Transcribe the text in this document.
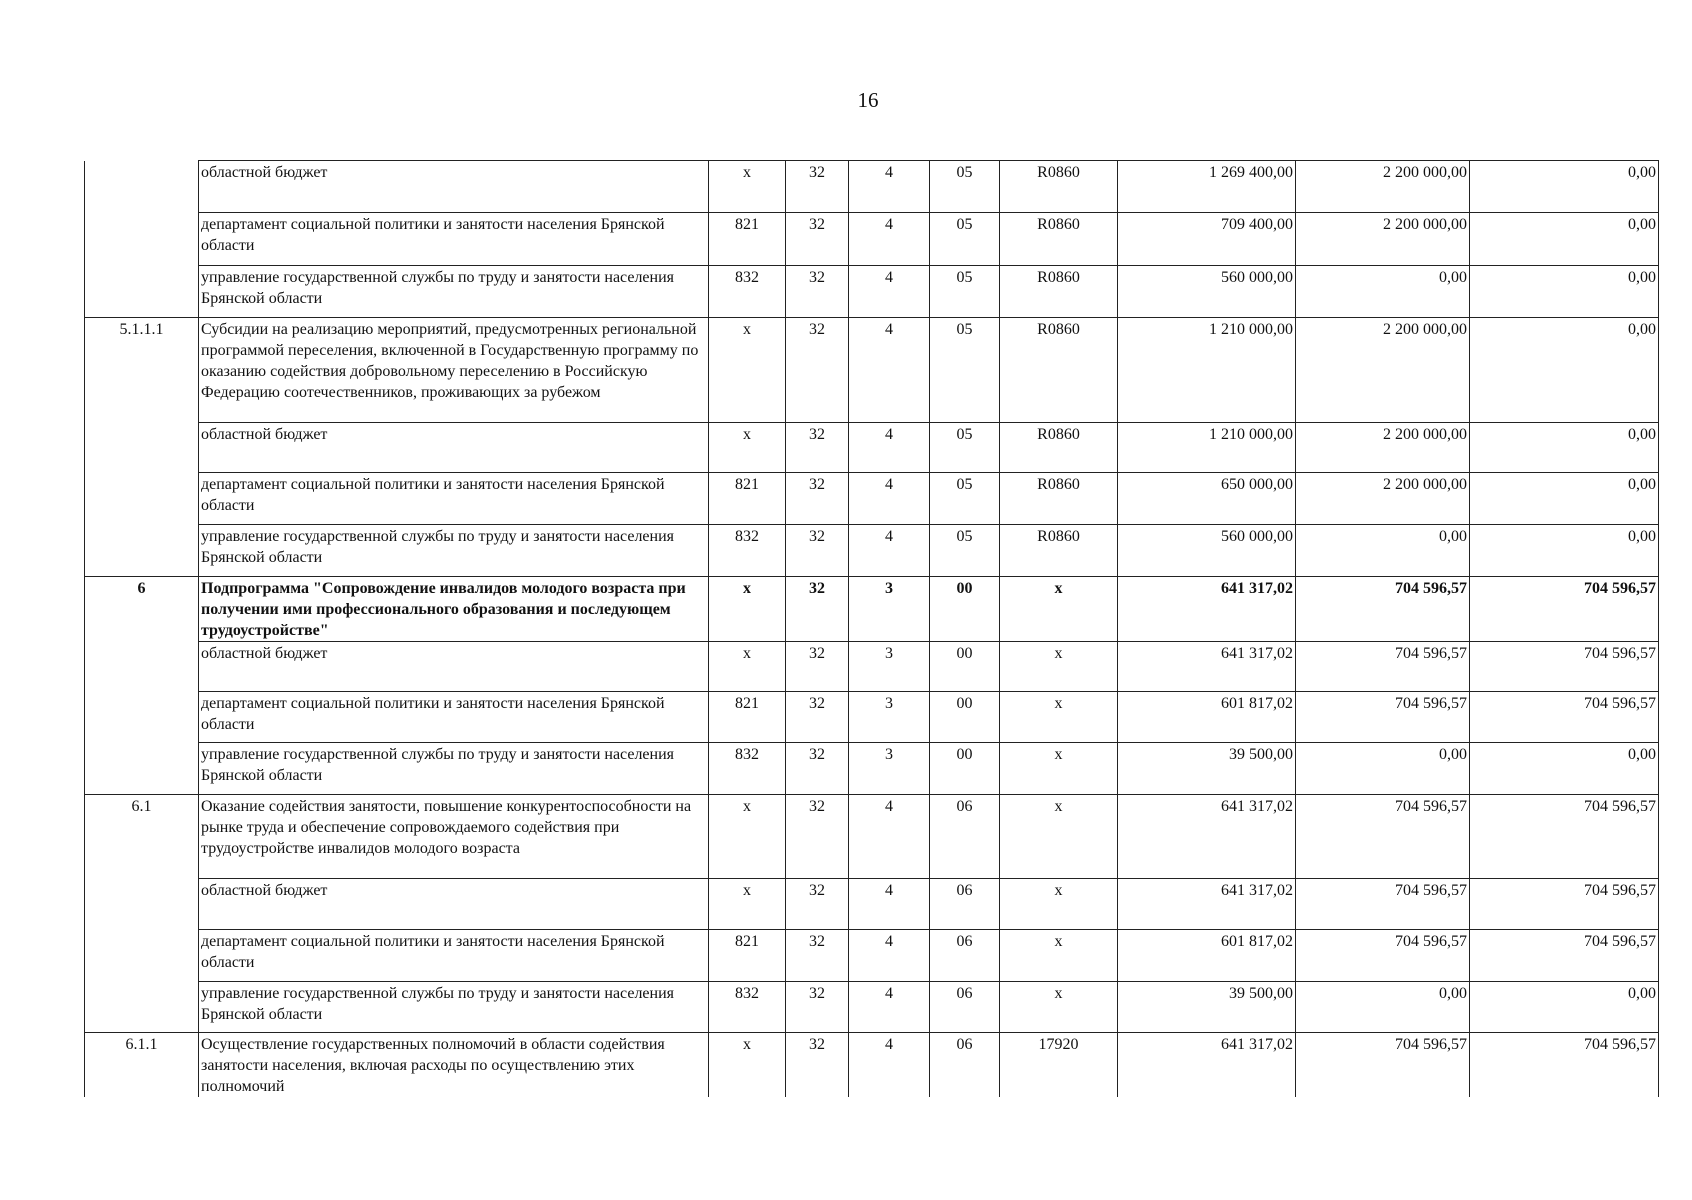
16
	областной бюджет	х	32	4	05	R0860	1 269 400,00	2 200 000,00	0,00
	департамент социальной политики и занятости населения Брянской области	821	32	4	05	R0860	709 400,00	2 200 000,00	0,00
	управление государственной службы по труду и занятости населения Брянской области	832	32	4	05	R0860	560 000,00	0,00	0,00
5.1.1.1	Субсидии на реализацию мероприятий, предусмотренных региональной программой переселения, включенной в Государственную программу по оказанию содействия добровольному переселению в Российскую Федерацию соотечественников, проживающих за рубежом	х	32	4	05	R0860	1 210 000,00	2 200 000,00	0,00
	областной бюджет	х	32	4	05	R0860	1 210 000,00	2 200 000,00	0,00
	департамент социальной политики и занятости населения Брянской области	821	32	4	05	R0860	650 000,00	2 200 000,00	0,00
	управление государственной службы по труду и занятости населения Брянской области	832	32	4	05	R0860	560 000,00	0,00	0,00
6	Подпрограмма "Сопровождение инвалидов молодого возраста при получении ими профессионального образования и последующем трудоустройстве"	х	32	3	00	х	641 317,02	704 596,57	704 596,57
	областной бюджет	х	32	3	00	х	641 317,02	704 596,57	704 596,57
	департамент социальной политики и занятости населения Брянской области	821	32	3	00	х	601 817,02	704 596,57	704 596,57
	управление государственной службы по труду и занятости населения Брянской области	832	32	3	00	х	39 500,00	0,00	0,00
6.1	Оказание содействия занятости, повышение конкурентоспособности на рынке труда и обеспечение сопровождаемого содействия при трудоустройстве инвалидов молодого возраста	х	32	4	06	х	641 317,02	704 596,57	704 596,57
	областной бюджет	х	32	4	06	х	641 317,02	704 596,57	704 596,57
	департамент социальной политики и занятости населения Брянской области	821	32	4	06	х	601 817,02	704 596,57	704 596,57
	управление государственной службы по труду и занятости населения Брянской области	832	32	4	06	х	39 500,00	0,00	0,00
6.1.1	Осуществление государственных полномочий в области содействия занятости населения, включая расходы по осуществлению этих полномочий	х	32	4	06	17920	641 317,02	704 596,57	704 596,57
